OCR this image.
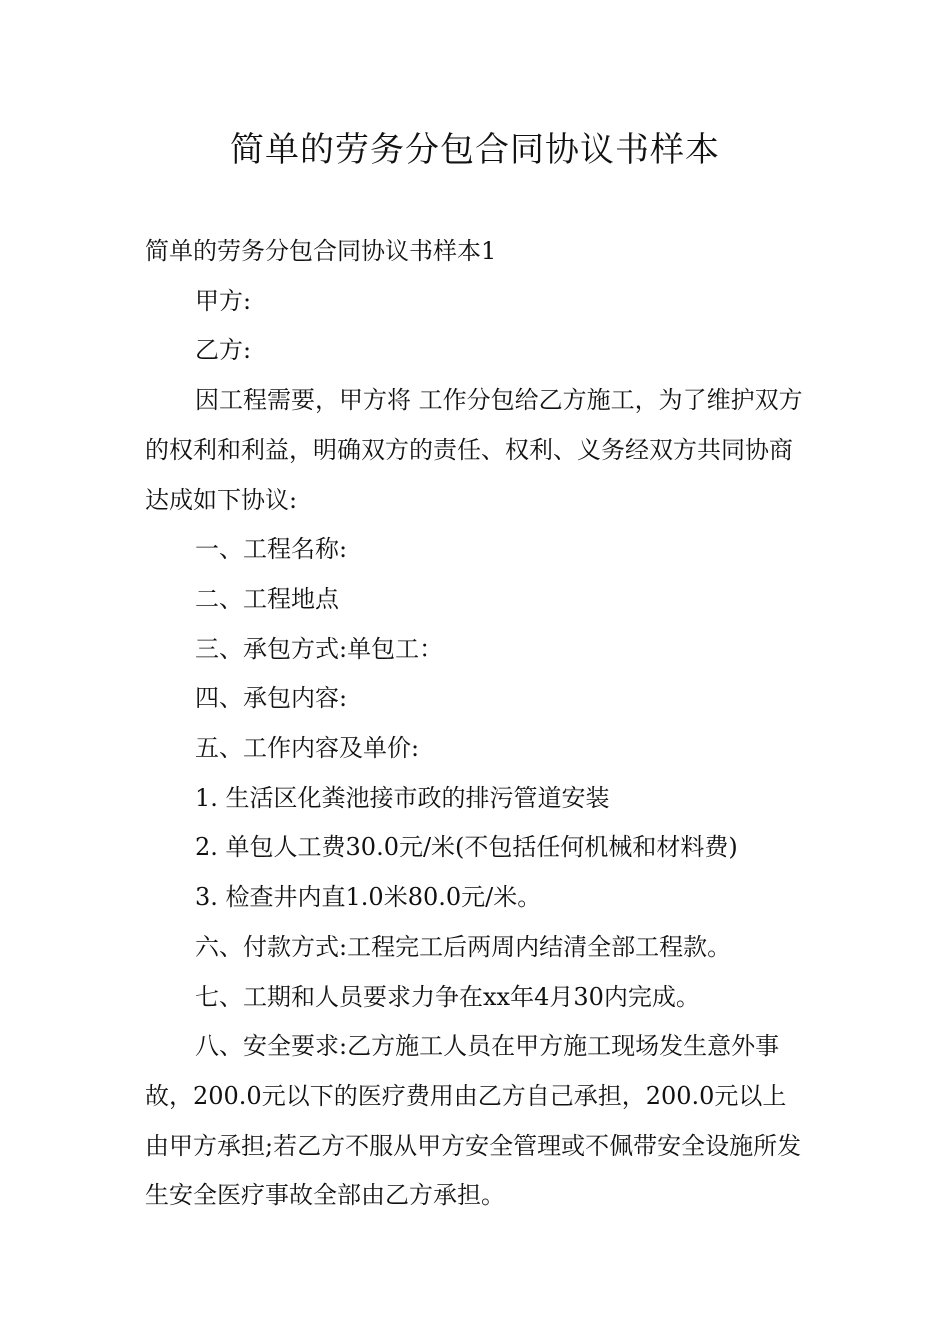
简单的劳务分包合同协议书样本

简单的劳务分包合同协议书样本1

甲方:

乙方:

因工程需要，甲方将 工作分包给乙方施工，为了维护双方的权利和利益，明确双方的责任、权利、义务经双方共同协商达成如下协议:

一、工程名称:

二、工程地点

三、承包方式:单包工：

四、承包内容:

五、工作内容及单价:

1. 生活区化粪池接市政的排污管道安装

2. 单包人工费30.0元/米(不包括任何机械和材料费)

3. 检查井内直1.0米80.0元/米。

六、付款方式:工程完工后两周内结清全部工程款。

七、工期和人员要求力争在xx年4月30内完成。

八、安全要求:乙方施工人员在甲方施工现场发生意外事故，200.0元以下的医疗费用由乙方自己承担，200.0元以上由甲方承担;若乙方不服从甲方安全管理或不佩带安全设施所发生安全医疗事故全部由乙方承担。
